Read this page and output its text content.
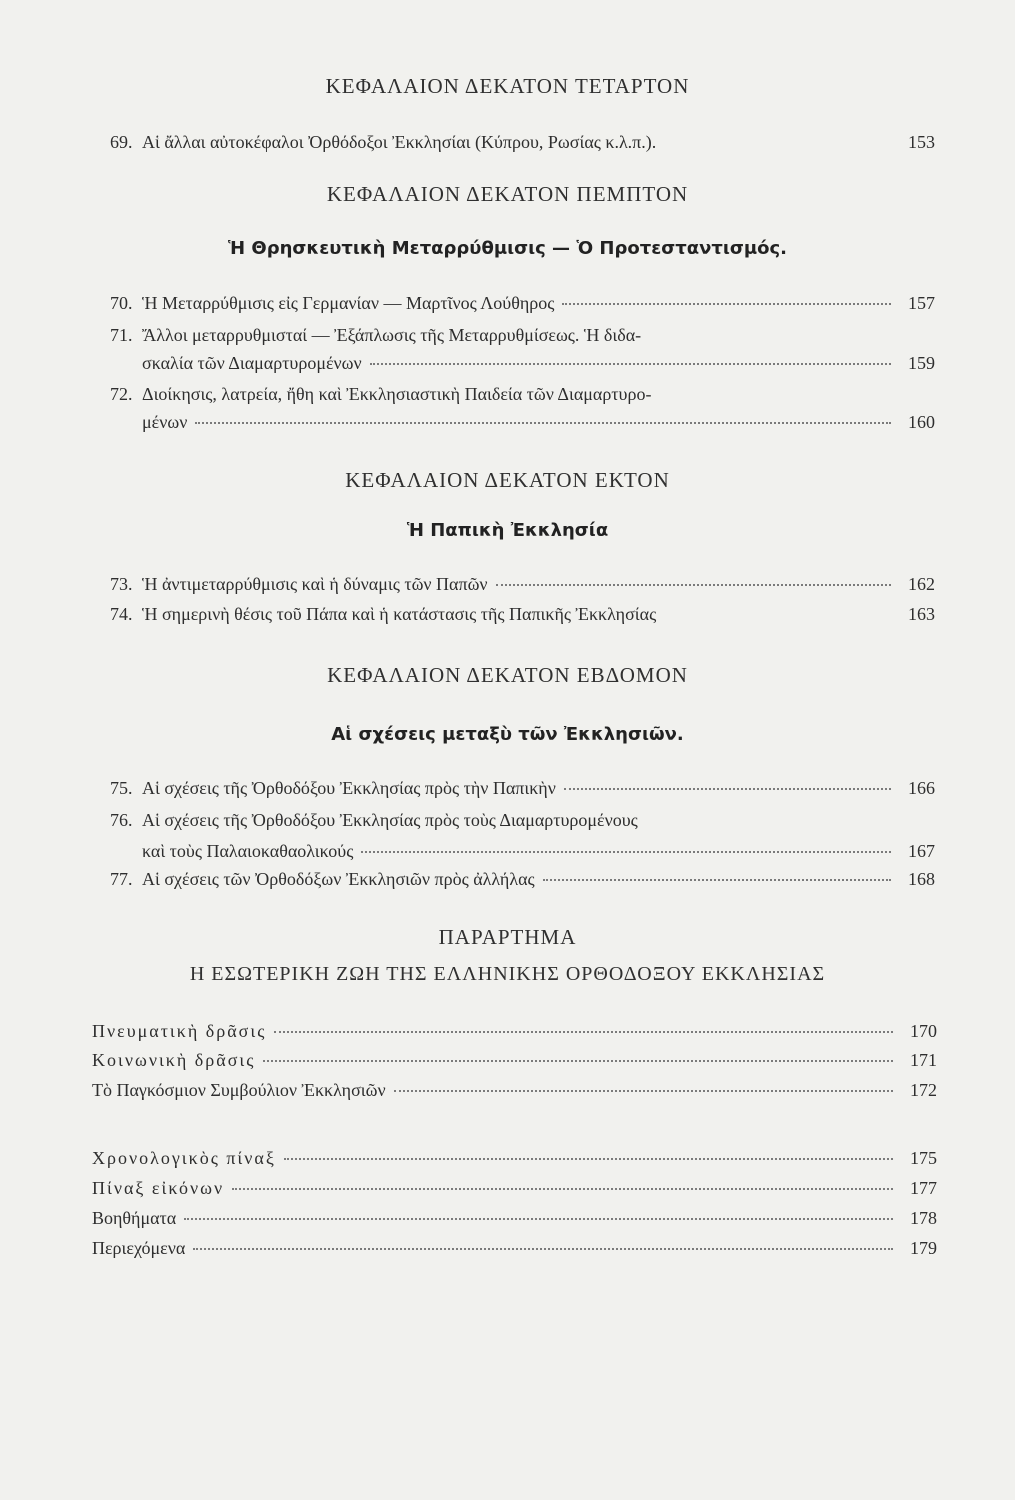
ΚΕΦΑΛΑΙΟΝ ΔΕΚΑΤΟΝ ΤΕΤΑΡΤΟΝ
69. Αἱ ἄλλαι αὐτοκέφαλοι Ὀρθόδοξοι Ἐκκλησίαι (Κύπρου, Ρωσίας κ.λ.π.).	153
ΚΕΦΑΛΑΙΟΝ ΔΕΚΑΤΟΝ ΠΕΜΠΤΟΝ
Ἡ Θρησκευτικὴ Μεταρρύθμισις — Ὁ Προτεσταντισμός.
70. Ἡ Μεταρρύθμισις εἰς Γερμανίαν — Μαρτῖνος Λούθηρος	157
71. Ἄλλοι μεταρρυθμισταί — Ἐξάπλωσις τῆς Μεταρρυθμίσεως. Ἡ διδα-
σκαλία τῶν Διαμαρτυρομένων	159
72. Διοίκησις, λατρεία, ἤθη καὶ Ἐκκλησιαστικὴ Παιδεία τῶν Διαμαρτυρο-
μένων	160
ΚΕΦΑΛΑΙΟΝ ΔΕΚΑΤΟΝ ΕΚΤΟΝ
Ἡ Παπικὴ Ἐκκλησία
73. Ἡ ἀντιμεταρρύθμισις καὶ ἡ δύναμις τῶν Παπῶν	162
74. Ἡ σημερινὴ θέσις τοῦ Πάπα καὶ ἡ κατάστασις τῆς Παπικῆς Ἐκκλησίας	163
ΚΕΦΑΛΑΙΟΝ ΔΕΚΑΤΟΝ ΕΒΔΟΜΟΝ
Αἱ σχέσεις μεταξὺ τῶν Ἐκκλησιῶν.
75. Αἱ σχέσεις τῆς Ὀρθοδόξου Ἐκκλησίας πρὸς τὴν Παπικὴν	166
76. Αἱ σχέσεις τῆς Ὀρθοδόξου Ἐκκλησίας πρὸς τοὺς Διαμαρτυρομένους
καὶ τοὺς Παλαιοκαθαολικούς	167
77. Αἱ σχέσεις τῶν Ὀρθοδόξων Ἐκκλησιῶν πρὸς ἀλλήλας	168
ΠΑΡΑΡΤΗΜΑ
Η ΕΣΩΤΕΡΙΚΗ ΖΩΗ ΤΗΣ ΕΛΛΗΝΙΚΗΣ ΟΡΘΟΔΟΞΟΥ ΕΚΚΛΗΣΙΑΣ
Πνευματικὴ δρᾶσις	170
Κοινωνικὴ δρᾶσις	171
Τὸ Παγκόσμιον Συμβούλιον Ἐκκλησιῶν	172
Χρονολογικὸς πίναξ	175
Πίναξ εἰκόνων	177
Βοηθήματα	178
Περιεχόμενα	179
